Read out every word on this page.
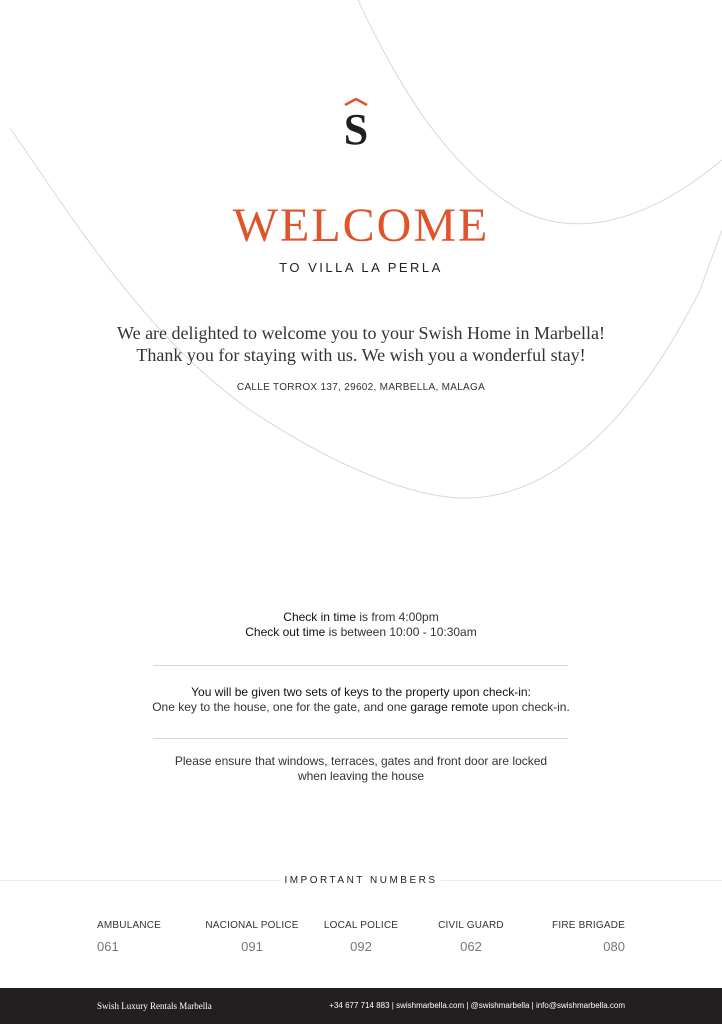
S
WELCOME
TO VILLA LA PERLA
We are delighted to welcome you to your Swish Home in Marbella!
Thank you for staying with us. We wish you a wonderful stay!
CALLE TORROX 137, 29602, MARBELLA, MALAGA
Check in time is from 4:00pm
Check out time is between 10:00 - 10:30am
You will be given two sets of keys to the property upon check-in:
One key to the house, one for the gate, and one garage remote upon check-in.
Please ensure that windows, terraces, gates and front door are locked
when leaving the house
IMPORTANT NUMBERS
AMBULANCE
061
NACIONAL POLICE
091
LOCAL POLICE
092
CIVIL GUARD
062
FIRE BRIGADE
080
Swish Luxury Rentals Marbella	+34 677 714 883 | swishmarbella.com | @swishmarbella | info@swishmarbella.com
